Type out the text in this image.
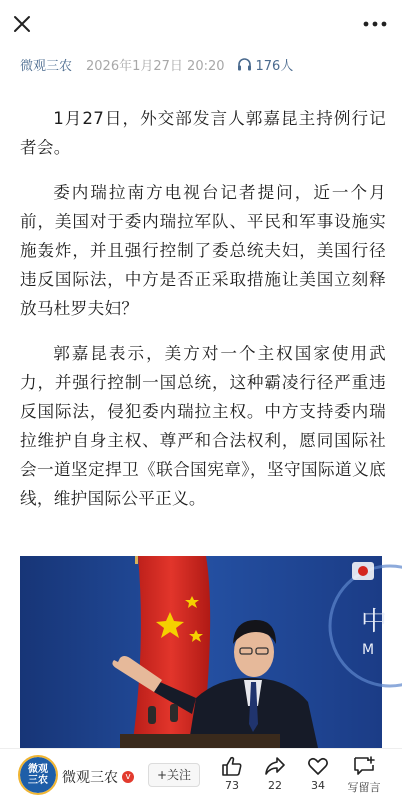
微观三农 2026年1月27日 20:20 176人

1月27日，外交部发言人郭嘉昆主持例行记者会。

委内瑞拉南方电视台记者提问，近一个月前，美国对于委内瑞拉军队、平民和军事设施实施轰炸，并且强行控制了委总统夫妇，美国行径违反国际法，中方是否正采取措施让美国立刻释放马杜罗夫妇？

郭嘉昆表示，美方对一个主权国家使用武力，并强行控制一国总统，这种霸凌行径严重违反国际法，侵犯委内瑞拉主权。中方支持委内瑞拉维护自身主权、尊严和合法权利，愿同国际社会一道坚定捍卫《联合国宪章》，坚守国际道义底线，维护国际公平正义。

中
M
微观三农 微观三农 v	+关注
73	22	34	写留言
